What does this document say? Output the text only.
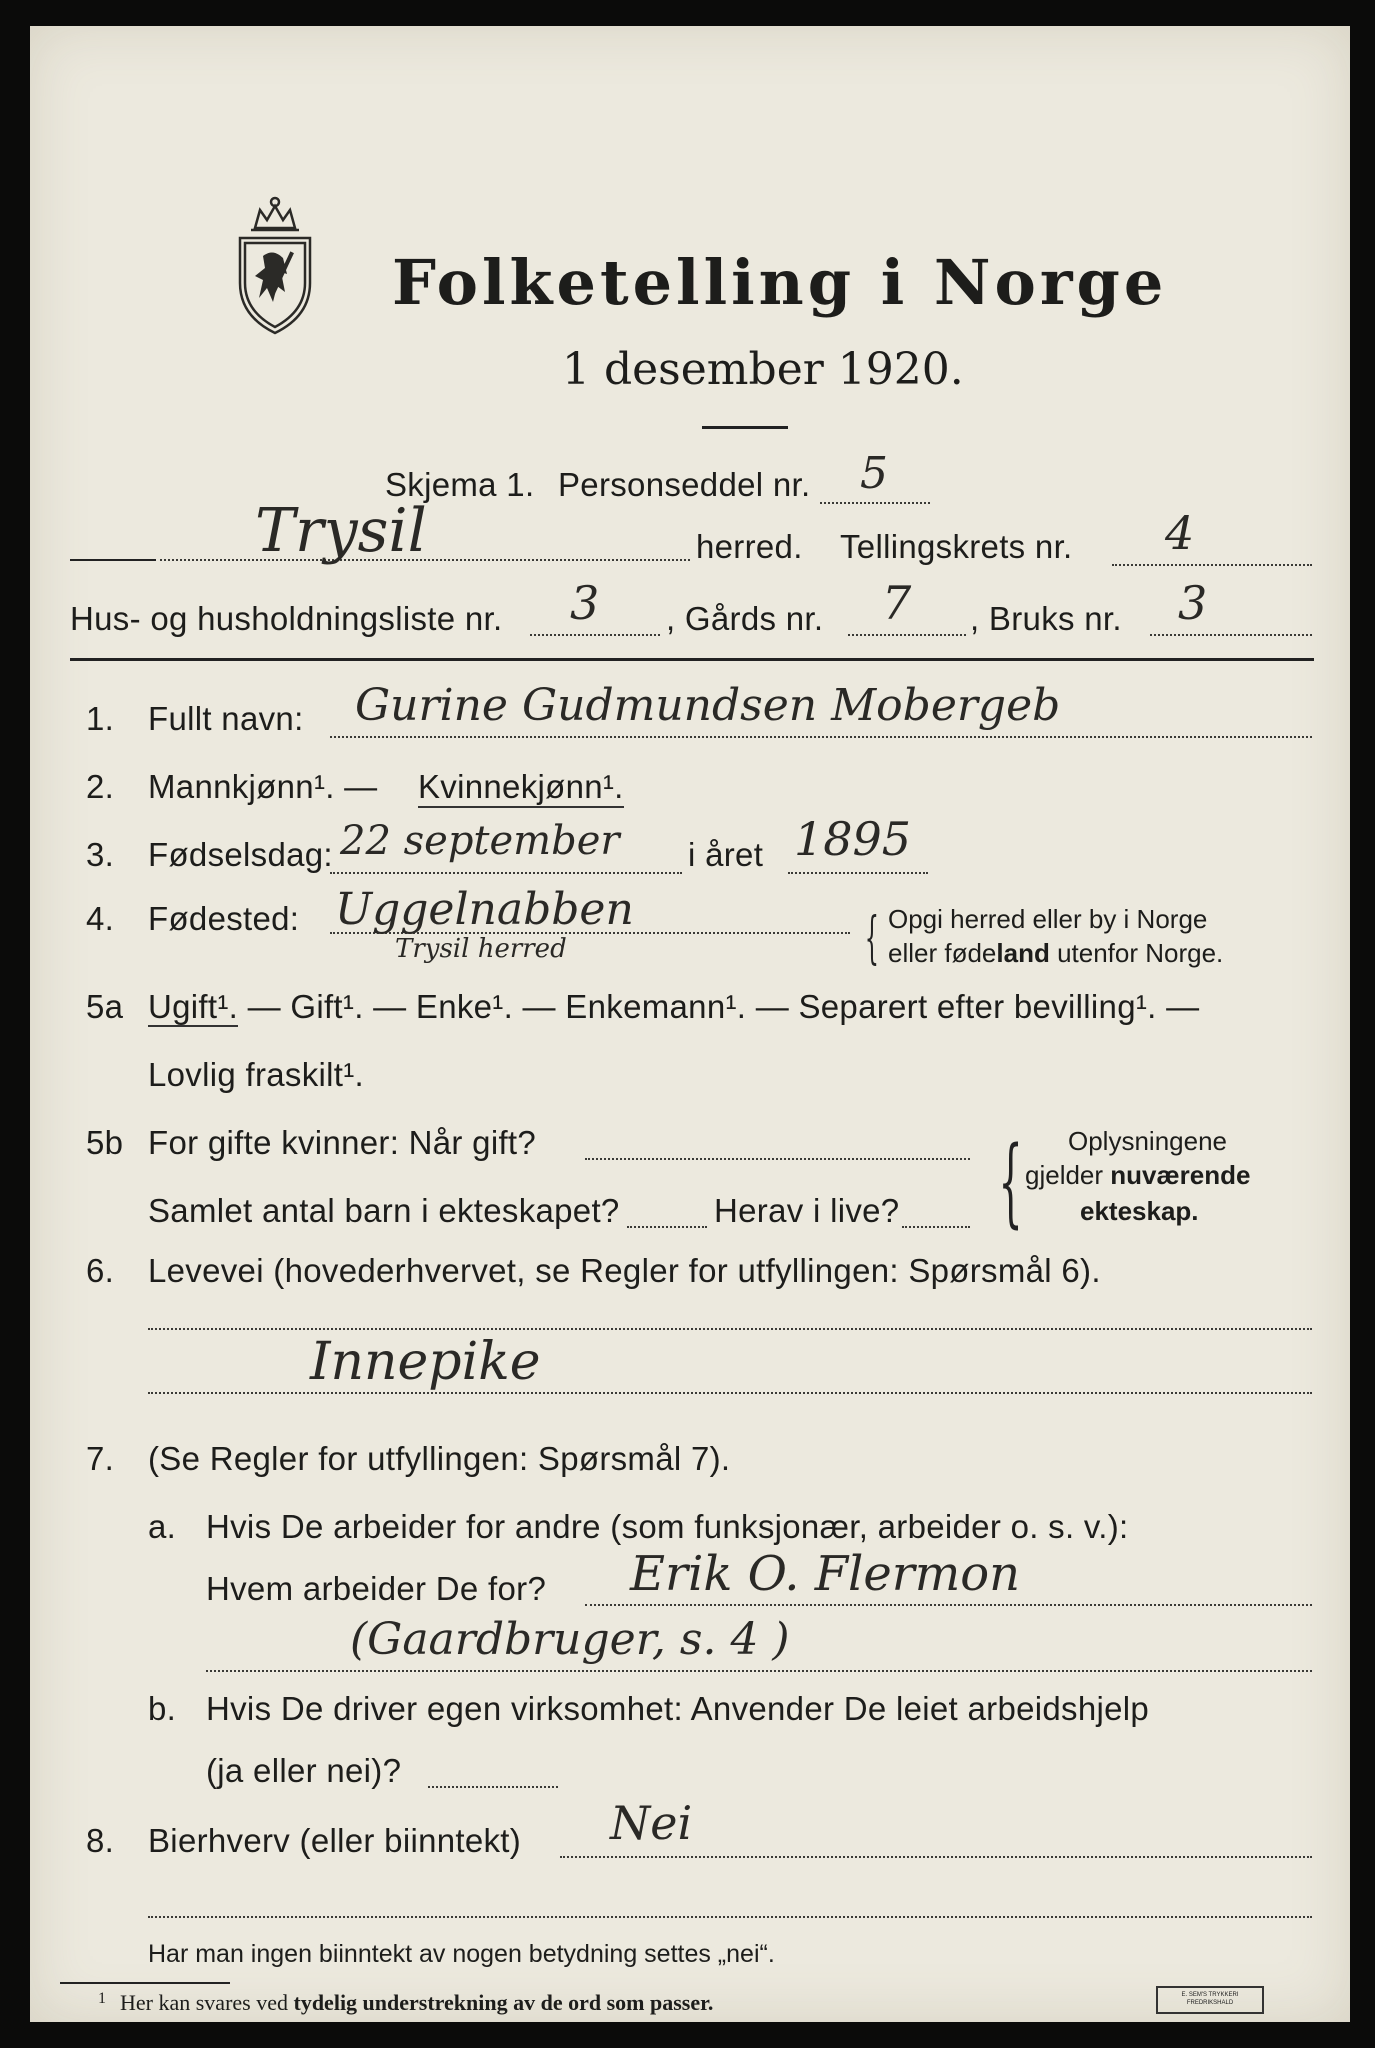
Folketelling i Norge
1 desember 1920.
Skjema 1. Personseddel nr. 5
Trysil	herred. Tellingskrets nr. 4
Hus- og husholdningsliste nr. 3 , Gårds nr. 7 , Bruks nr. 3
1. Fullt navn: Gurine Gudmundsen Mobergeb
2. Mannkjønn¹. — Kvinnekjønn¹.
3. Fødselsdag: 22 september i året 1895
4. Fødested: Uggelnabben
Trysil herred	{ Opgi herred eller by i Norge
eller fødeland utenfor Norge.
5a Ugift¹. — Gift¹. — Enke¹. — Enkemann¹. — Separert efter bevilling¹. —
Lovlig fraskilt¹.
5b For gifte kvinner: Når gift?
Samlet antal barn i ekteskapet?	Herav i live? { Oplysningene
gjelder nuværende
ekteskap.
6. Levevei (hovederhvervet, se Regler for utfyllingen: Spørsmål 6).
Innepike
7. (Se Regler for utfyllingen: Spørsmål 7).
a. Hvis De arbeider for andre (som funksjonær, arbeider o. s. v.):
Hvem arbeider De for? Erik O. Flermon
(Gaardbruger, s. 4 )
b. Hvis De driver egen virksomhet: Anvender De leiet arbeidshjelp
(ja eller nei)?
8. Bierhverv (eller biinntekt) Nei
Har man ingen biinntekt av nogen betydning settes „nei“.
1 Her kan svares ved tydelig understrekning av de ord som passer.	E. SEM'S TRYKKERI
FREDRIKSHALD
